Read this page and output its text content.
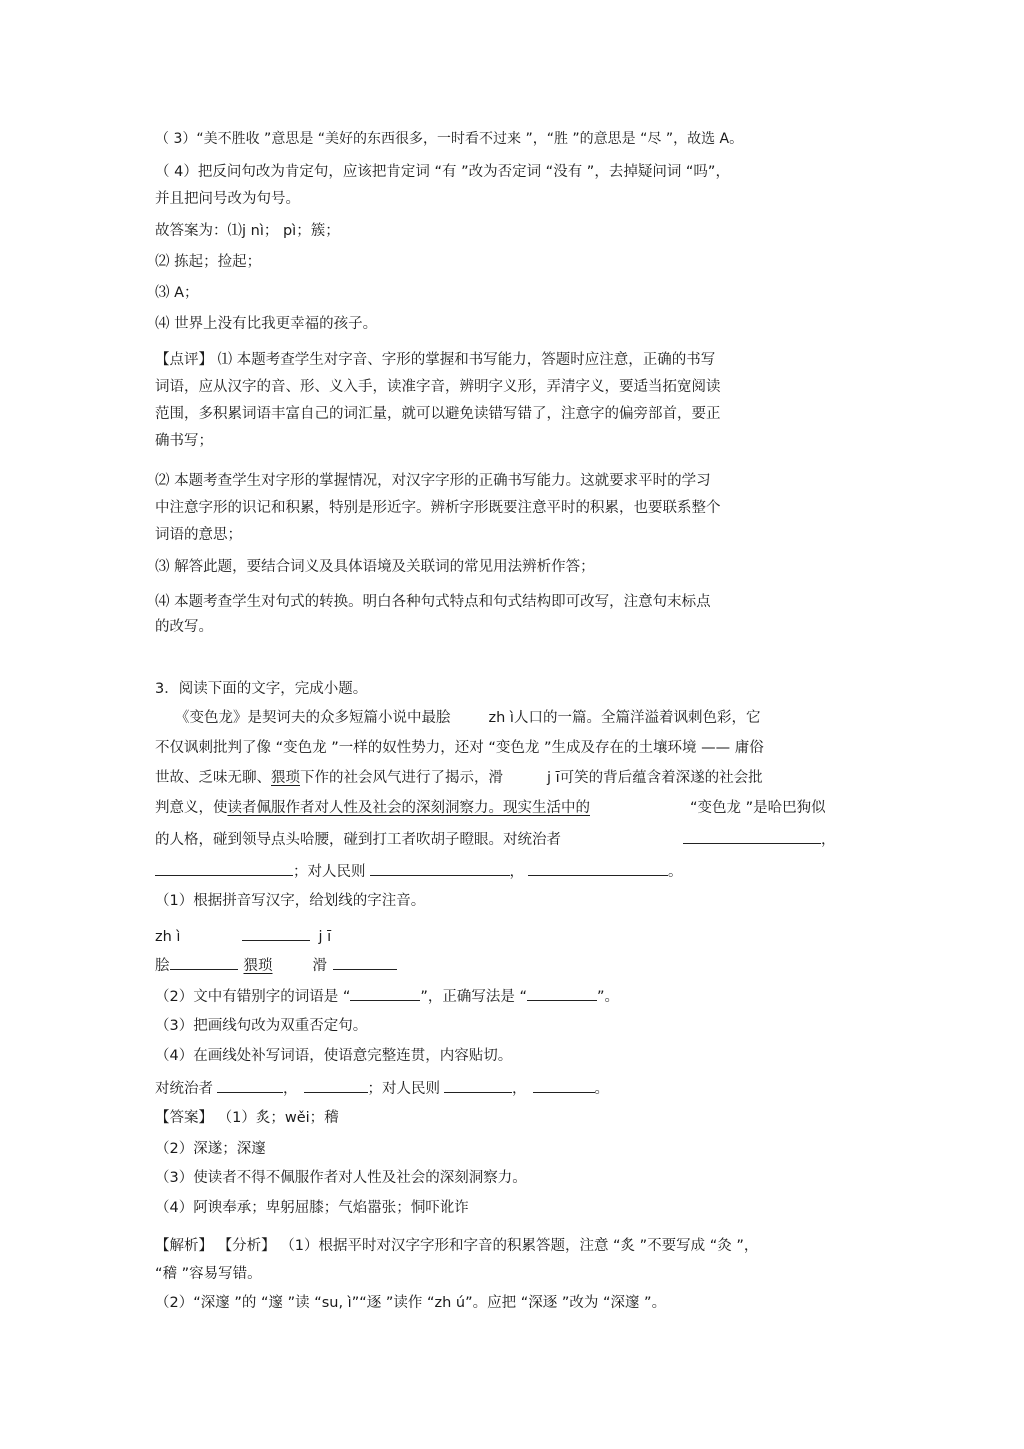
（ 3）“美不胜收 ”意思是 “美好的东西很多，一时看不过来 ”，“胜 ”的意思是 “尽 ”，故选 A。
（ 4）把反问句改为肯定句，应该把肯定词 “有 ”改为否定词 “没有 ”，去掉疑问词 “吗”，
并且把问号改为句号。
故答案为：⑴j nì； pì；簇；
⑵ 拣起；捡起；
⑶ A；
⑷ 世界上没有比我更幸福的孩子。
【点评】 ⑴ 本题考查学生对字音、字形的掌握和书写能力，答题时应注意，正确的书写
词语，应从汉字的音、形、义入手，读准字音，辨明字义形，弄清字义，要适当拓宽阅读
范围，多积累词语丰富自己的词汇量，就可以避免读错写错了，注意字的偏旁部首，要正
确书写；
⑵ 本题考查学生对字形的掌握情况，对汉字字形的正确书写能力。这就要求平时的学习
中注意字形的识记和积累，特别是形近字。辨析字形既要注意平时的积累，也要联系整个
词语的意思；
⑶ 解答此题，要结合词义及具体语境及关联词的常见用法辨析作答；
⑷ 本题考查学生对句式的转换。明白各种句式特点和句式结构即可改写，注意句末标点
的改写。
3．阅读下面的文字，完成小题。
《变色龙》是契诃夫的众多短篇小说中最脍	zh ì人口的一篇。全篇洋溢着讽刺色彩，它
不仅讽刺批判了像 “变色龙 ”一样的奴性势力，还对 “变色龙 ”生成及存在的土壤环境 —— 庸俗
世故、乏味无聊、猥琐下作的社会风气进行了揭示，滑	j ī可笑的背后蕴含着深遂的社会批
判意义，使读者佩服作者对人性及社会的深刻洞察力。现实生活中的	“变色龙 ”是哈巴狗似
的人格，碰到领导点头哈腰，碰到打工者吹胡子瞪眼。对统治者	，
；对人民则	，	。
（1）根据拼音写汉字，给划线的字注音。
zh ì	j ī
脍	猥琐	滑
（2）文中有错别字的词语是 “	”，正确写法是 “	”。
（3）把画线句改为双重否定句。
（4）在画线处补写词语，使语意完整连贯，内容贴切。
对统治者	，	；对人民则	，	。
【答案】 （1）炙；wěi；稽
（2）深遂；深邃
（3）使读者不得不佩服作者对人性及社会的深刻洞察力。
（4）阿谀奉承；卑躬屈膝；气焰嚣张；恫吓讹诈
【解析】 【分析】 （1）根据平时对汉字字形和字音的积累答题，注意 “炙 ”不要写成 “灸 ”，
“稽 ”容易写错。
（2）“深邃 ”的 “邃 ”读 “su, ì”“逐 ”读作 “zh ú”。应把 “深逐 ”改为 “深邃 ”。
